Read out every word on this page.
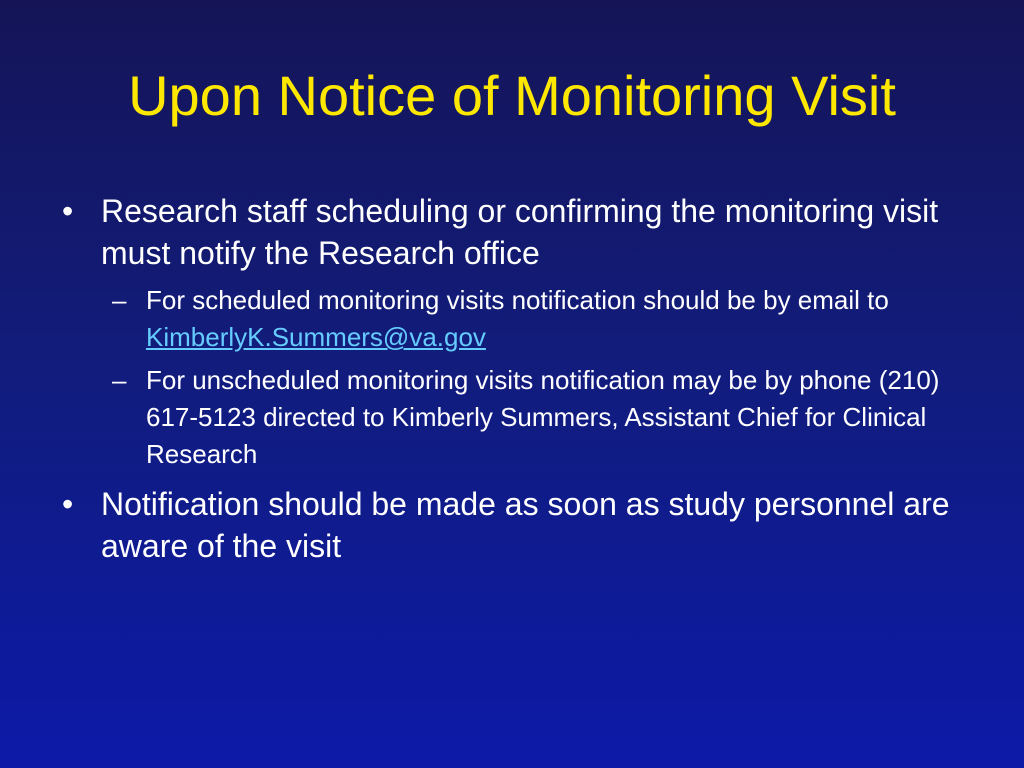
Upon Notice of Monitoring Visit
• Research staff scheduling or confirming the monitoring visit must notify the Research office
– For scheduled monitoring visits notification should be by email to KimberlyK.Summers@va.gov
– For unscheduled monitoring visits notification may be by phone (210) 617-5123 directed to Kimberly Summers, Assistant Chief for Clinical Research
• Notification should be made as soon as study personnel are aware of the visit
